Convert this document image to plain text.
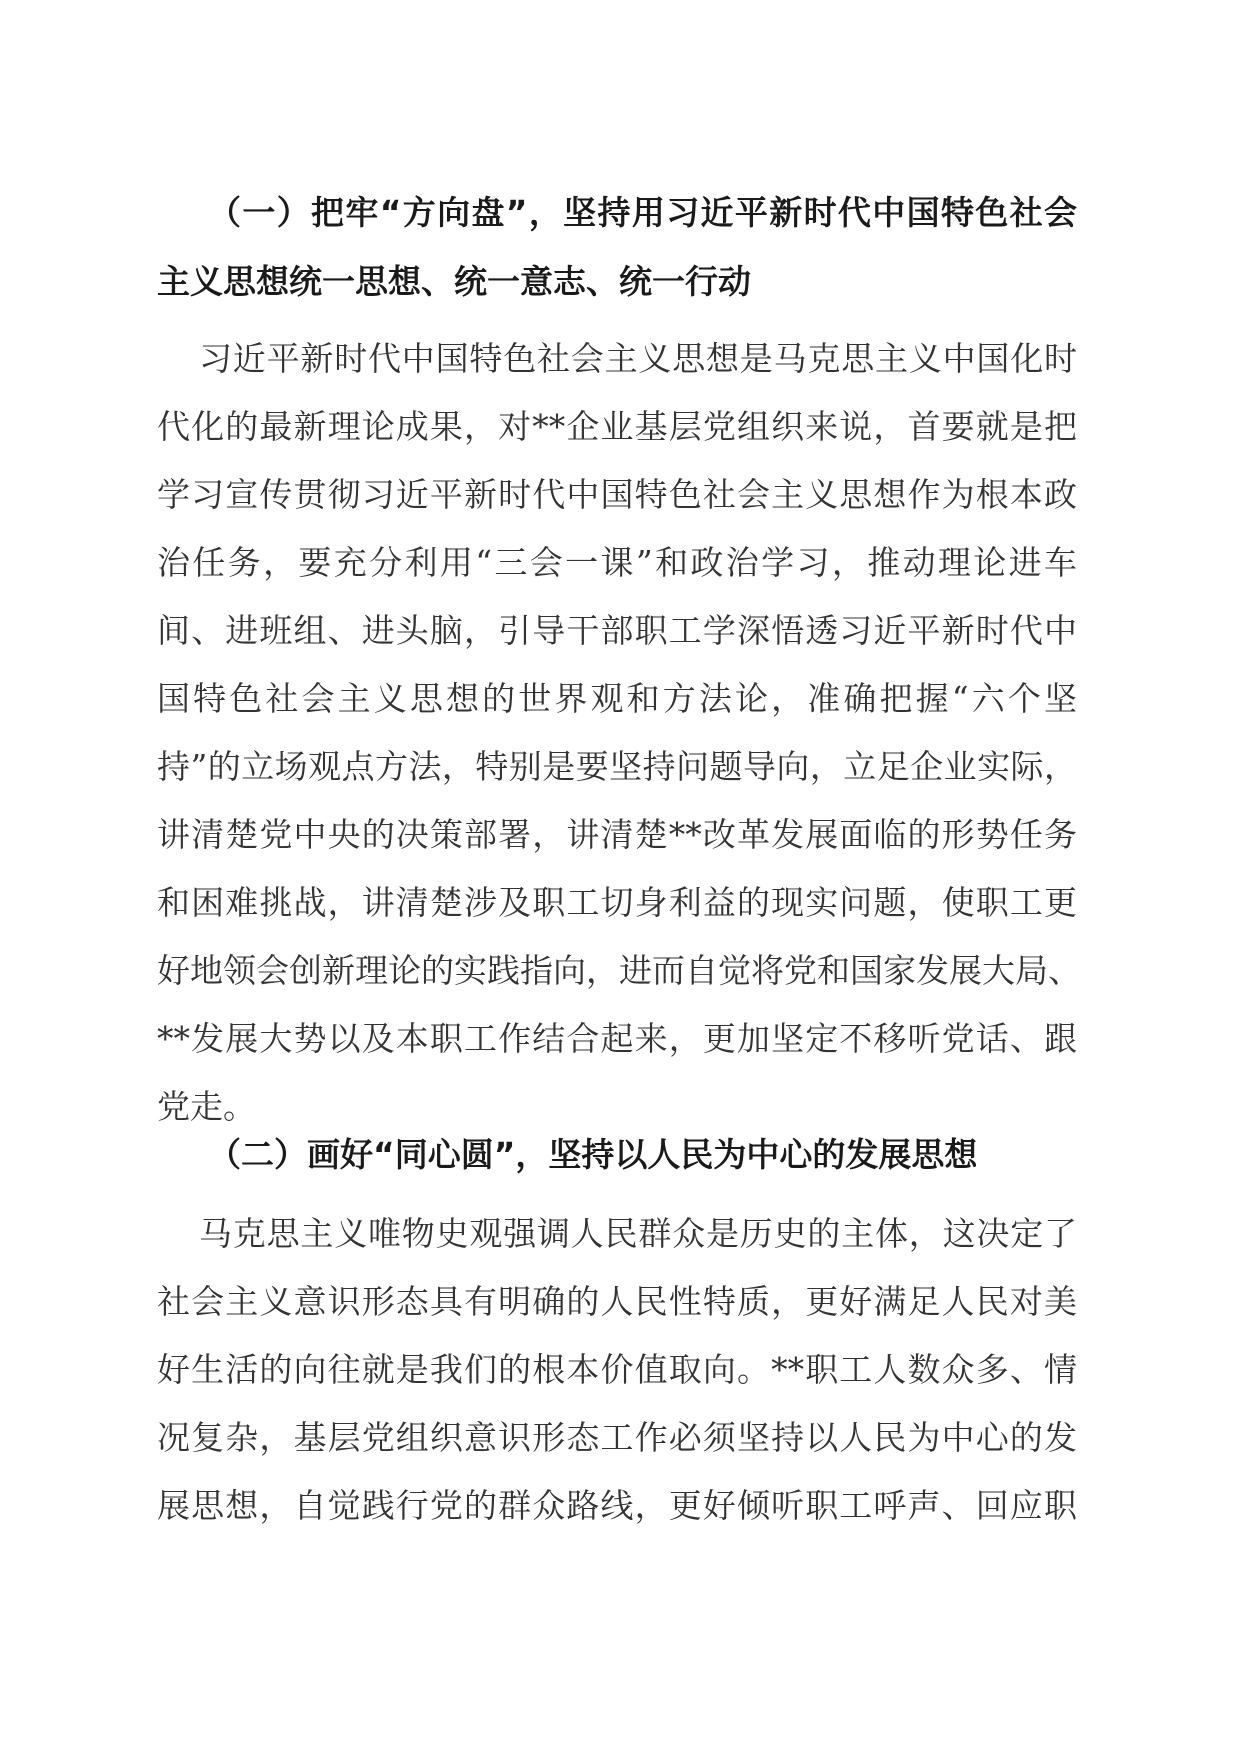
（一）把牢“方向盘”，坚持用习近平新时代中国特色社会
主义思想统一思想、统一意志、统一行动
习近平新时代中国特色社会主义思想是马克思主义中国化时
代化的最新理论成果，对**企业基层党组织来说，首要就是把
学习宣传贯彻习近平新时代中国特色社会主义思想作为根本政
治任务，要充分利用“三会一课”和政治学习，推动理论进车
间、进班组、进头脑，引导干部职工学深悟透习近平新时代中
国特色社会主义思想的世界观和方法论，准确把握“六个坚
持”的立场观点方法，特别是要坚持问题导向，立足企业实际，
讲清楚党中央的决策部署，讲清楚**改革发展面临的形势任务
和困难挑战，讲清楚涉及职工切身利益的现实问题，使职工更
好地领会创新理论的实践指向，进而自觉将党和国家发展大局、
**发展大势以及本职工作结合起来，更加坚定不移听党话、跟
党走。
（二）画好“同心圆”，坚持以人民为中心的发展思想
马克思主义唯物史观强调人民群众是历史的主体，这决定了
社会主义意识形态具有明确的人民性特质，更好满足人民对美
好生活的向往就是我们的根本价值取向。**职工人数众多、情
况复杂，基层党组织意识形态工作必须坚持以人民为中心的发
展思想，自觉践行党的群众路线，更好倾听职工呼声、回应职
